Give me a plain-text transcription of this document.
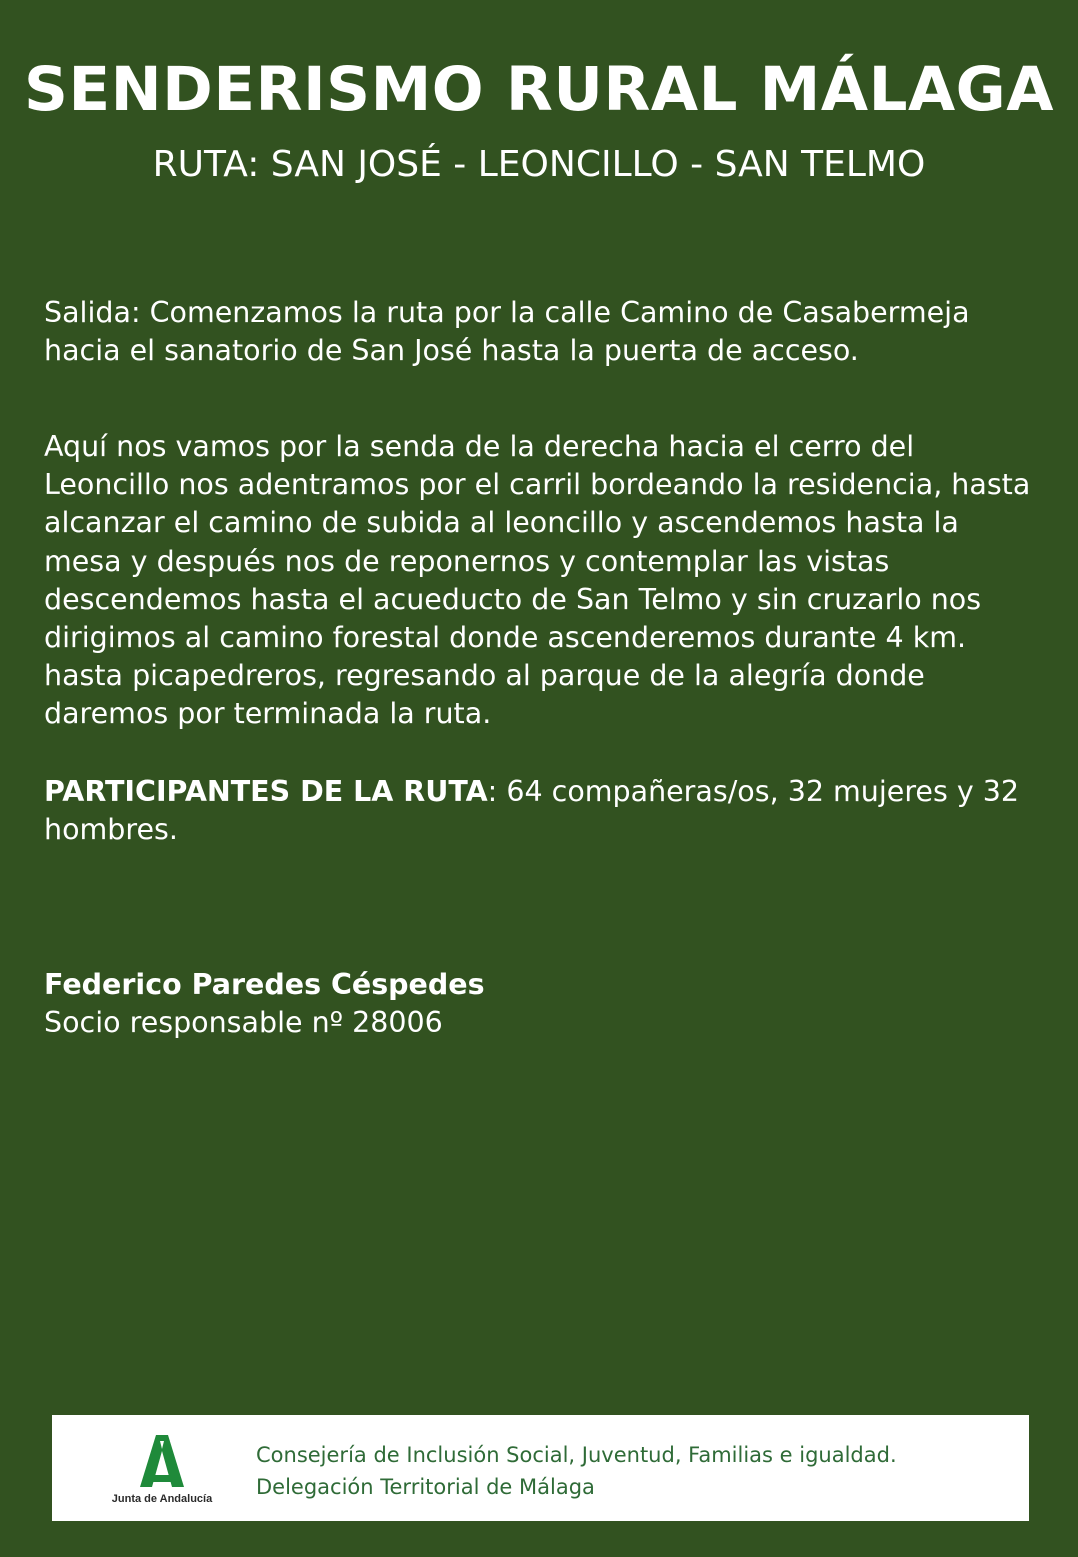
SENDERISMO RURAL MÁLAGA
RUTA: SAN JOSÉ - LEONCILLO - SAN TELMO

Salida: Comenzamos la ruta por la calle Camino de Casabermeja hacia el sanatorio de San José hasta la puerta de acceso.

Aquí nos vamos por la senda de la derecha hacia el cerro del Leoncillo nos adentramos por el carril bordeando la residencia, hasta alcanzar el camino de subida al leoncillo y ascendemos hasta la mesa y después nos de reponernos y contemplar las vistas descendemos hasta el acueducto de San Telmo y sin cruzarlo nos dirigimos al camino forestal donde ascenderemos durante 4 km. hasta picapedreros, regresando al parque de la alegría donde daremos por terminada la ruta.

PARTICIPANTES DE LA RUTA: 64 compañeras/os, 32 mujeres y 32 hombres.

Federico Paredes Céspedes
Socio responsable nº 28006
Junta de Andalucía
Consejería de Inclusión Social, Juventud, Familias e igualdad.
Delegación Territorial de Málaga
